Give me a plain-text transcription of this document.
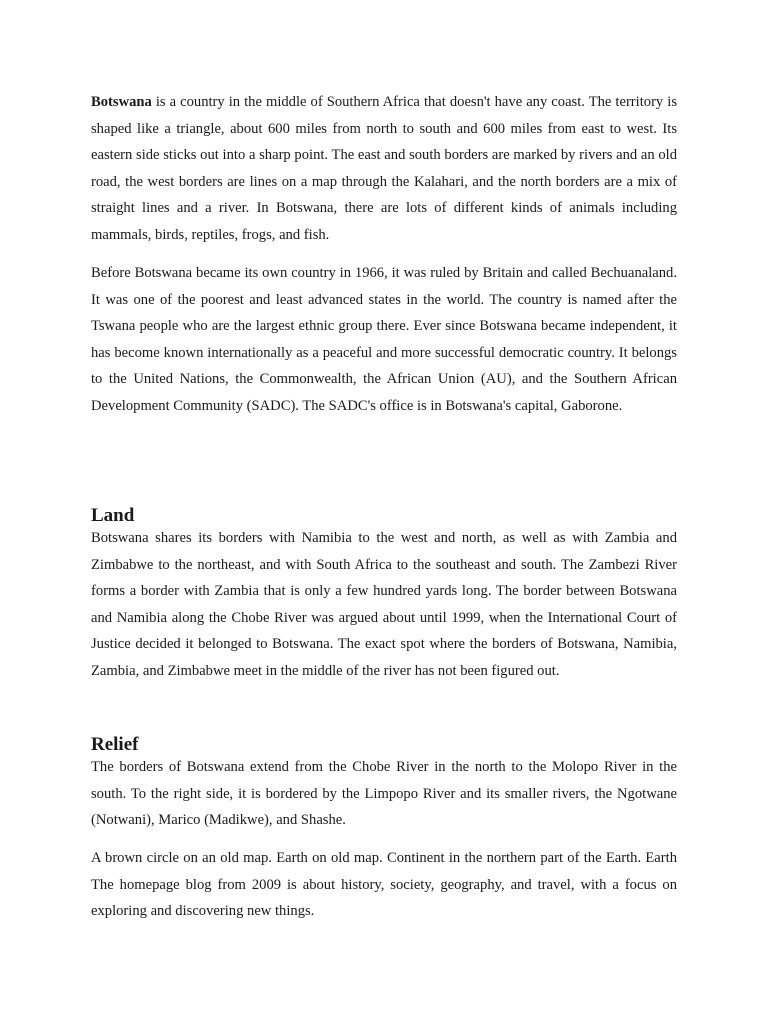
Botswana is a country in the middle of Southern Africa that doesn't have any coast. The territory is shaped like a triangle, about 600 miles from north to south and 600 miles from east to west. Its eastern side sticks out into a sharp point. The east and south borders are marked by rivers and an old road, the west borders are lines on a map through the Kalahari, and the north borders are a mix of straight lines and a river. In Botswana, there are lots of different kinds of animals including mammals, birds, reptiles, frogs, and fish.

Before Botswana became its own country in 1966, it was ruled by Britain and called Bechuanaland. It was one of the poorest and least advanced states in the world. The country is named after the Tswana people who are the largest ethnic group there. Ever since Botswana became independent, it has become known internationally as a peaceful and more successful democratic country. It belongs to the United Nations, the Commonwealth, the African Union (AU), and the Southern African Development Community (SADC). The SADC's office is in Botswana's capital, Gaborone.

Land

Botswana shares its borders with Namibia to the west and north, as well as with Zambia and Zimbabwe to the northeast, and with South Africa to the southeast and south. The Zambezi River forms a border with Zambia that is only a few hundred yards long. The border between Botswana and Namibia along the Chobe River was argued about until 1999, when the International Court of Justice decided it belonged to Botswana. The exact spot where the borders of Botswana, Namibia, Zambia, and Zimbabwe meet in the middle of the river has not been figured out.

Relief

The borders of Botswana extend from the Chobe River in the north to the Molopo River in the south. To the right side, it is bordered by the Limpopo River and its smaller rivers, the Ngotwane (Notwani), Marico (Madikwe), and Shashe.

A brown circle on an old map. Earth on old map. Continent in the northern part of the Earth. Earth The homepage blog from 2009 is about history, society, geography, and travel, with a focus on exploring and discovering new things.
